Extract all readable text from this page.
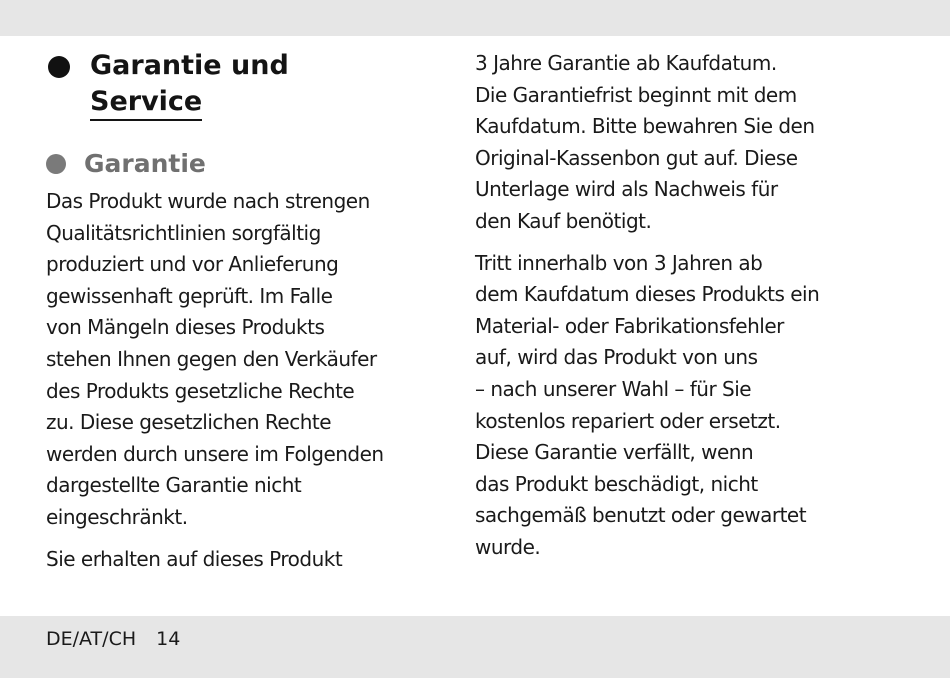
Garantie und
Service
Garantie

Das Produkt wurde nach strengen
Qualitätsrichtlinien sorgfältig
produziert und vor Anlieferung
gewissenhaft geprüft. Im Falle
von Mängeln dieses Produkts
stehen Ihnen gegen den Verkäufer
des Produkts gesetzliche Rechte
zu. Diese gesetzlichen Rechte
werden durch unsere im Folgenden
dargestellte Garantie nicht
eingeschränkt.

Sie erhalten auf dieses Produkt

3 Jahre Garantie ab Kaufdatum.
Die Garantiefrist beginnt mit dem
Kaufdatum. Bitte bewahren Sie den
Original-Kassenbon gut auf. Diese
Unterlage wird als Nachweis für
den Kauf benötigt.

Tritt innerhalb von 3 Jahren ab
dem Kaufdatum dieses Produkts ein
Material- oder Fabrikationsfehler
auf, wird das Produkt von uns
– nach unserer Wahl – für Sie
kostenlos repariert oder ersetzt.
Diese Garantie verfällt, wenn
das Produkt beschädigt, nicht
sachgemäß benutzt oder gewartet
wurde.

DE/AT/CH 14
